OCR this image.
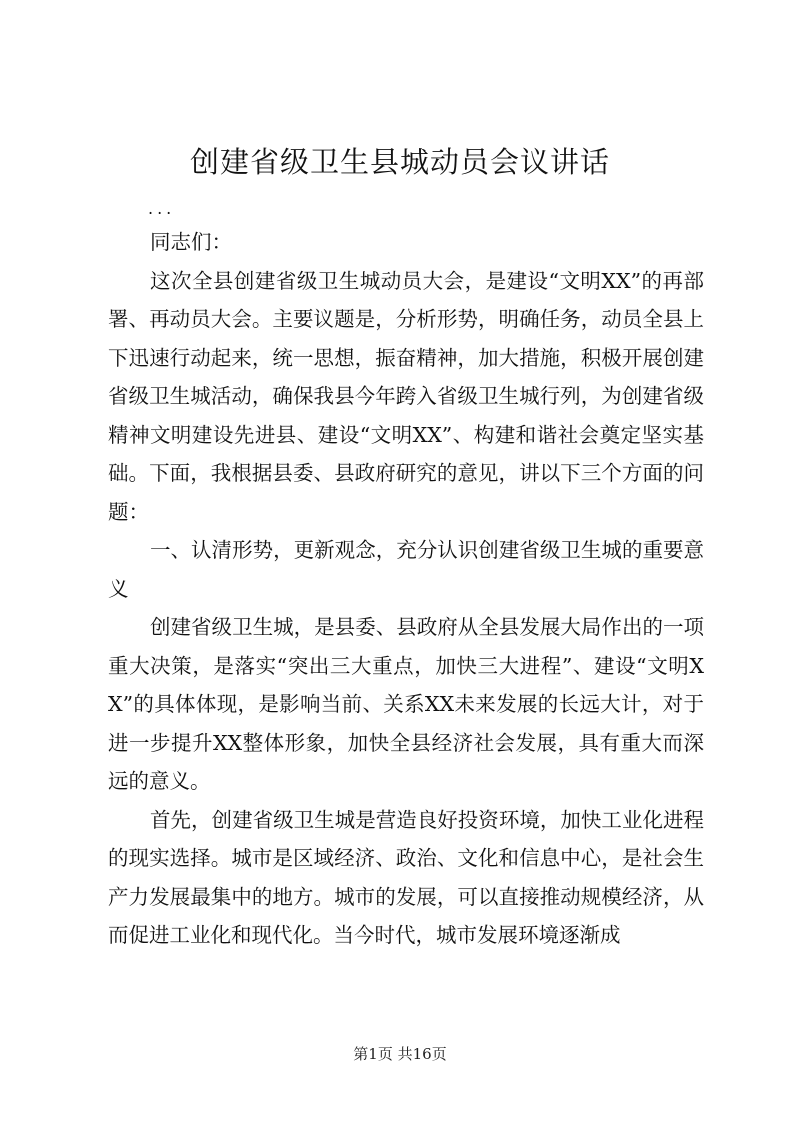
创建省级卫生县城动员会议讲话

...

同志们：

这次全县创建省级卫生城动员大会，是建设“文明XX”的再部署、再动员大会。主要议题是，分析形势，明确任务，动员全县上下迅速行动起来，统一思想，振奋精神，加大措施，积极开展创建省级卫生城活动，确保我县今年跨入省级卫生城行列，为创建省级精神文明建设先进县、建设“文明XX”、构建和谐社会奠定坚实基础。下面，我根据县委、县政府研究的意见，讲以下三个方面的问题：

一、认清形势，更新观念，充分认识创建省级卫生城的重要意义

创建省级卫生城，是县委、县政府从全县发展大局作出的一项重大决策，是落实“突出三大重点，加快三大进程”、建设“文明XX”的具体体现，是影响当前、关系XX未来发展的长远大计，对于进一步提升XX整体形象，加快全县经济社会发展，具有重大而深远的意义。

首先，创建省级卫生城是营造良好投资环境，加快工业化进程的现实选择。城市是区域经济、政治、文化和信息中心，是社会生产力发展最集中的地方。城市的发展，可以直接推动规模经济，从而促进工业化和现代化。当今时代，城市发展环境逐渐成

第1页 共16页
